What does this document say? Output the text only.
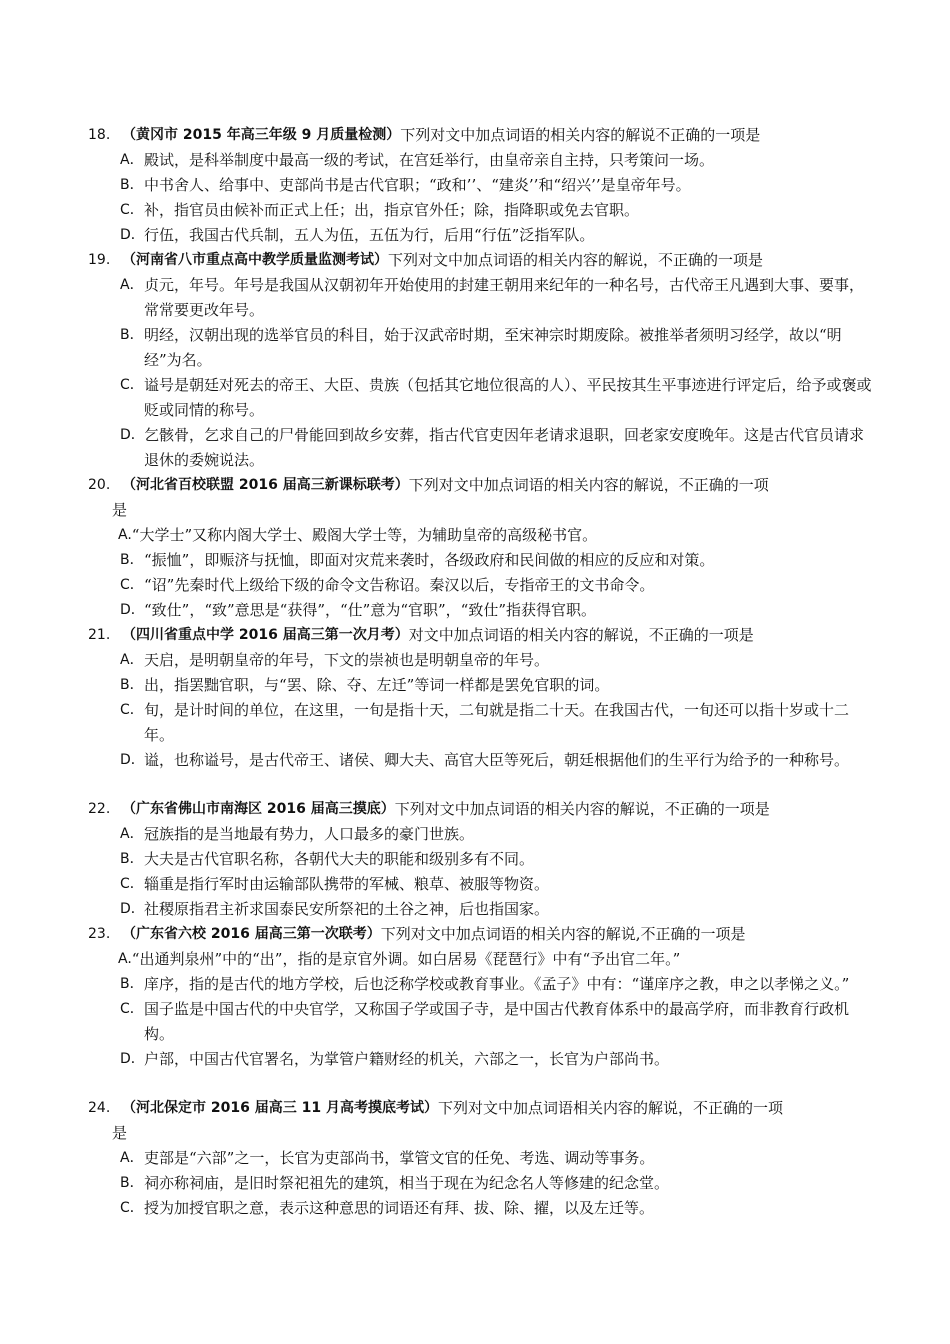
18. （黄冈市 2015 年高三年级 9 月质量检测） 下列对文中加点词语的相关内容的解说不正确的一项是
A． 殿试，是科举制度中最高一级的考试，在宫廷举行，由皇帝亲自主持，只考策问一场。
B． 中书舍人、给事中、吏部尚书是古代官职；“政和’’、“建炎’’和“绍兴’’是皇帝年号。
C． 补，指官员由候补而正式上任；出，指京官外任；除，指降职或免去官职。
D． 行伍，我国古代兵制，五人为伍，五伍为行，后用“行伍”泛指军队。
19. （河南省八市重点高中教学质量监测考试） 下列对文中加点词语的相关内容的解说，不正确的一项是
A． 贞元，年号。年号是我国从汉朝初年开始使用的封建王朝用来纪年的一种名号，古代帝王凡遇到大事、要事，常常要更改年号。
B． 明经，汉朝出现的选举官员的科目，始于汉武帝时期，至宋神宗时期废除。被推举者须明习经学，故以“明经”为名。
C． 谥号是朝廷对死去的帝王、大臣、贵族（包括其它地位很高的人）、平民按其生平事迹进行评定后，给予或褒或贬或同情的称号。
D． 乞骸骨，乞求自己的尸骨能回到故乡安葬，指古代官吏因年老请求退职，回老家安度晚年。这是古代官员请求退休的委婉说法。
20. （河北省百校联盟 2016 届高三新课标联考） 下列对文中加点词语的相关内容的解说，不正确的一项
是
A. “大学士”又称内阁大学士、殿阁大学士等，为辅助皇帝的高级秘书官。
B． “振恤”，即赈济与抚恤，即面对灾荒来袭时，各级政府和民间做的相应的反应和对策。
C． “诏”先秦时代上级给下级的命令文告称诏。秦汉以后，专指帝王的文书命令。
D． “致仕”，“致”意思是“获得”，“仕”意为“官职”，“致仕”指获得官职。
21. （四川省重点中学 2016 届高三第一次月考） 对文中加点词语的相关内容的解说，不正确的一项是
A． 天启，是明朝皇帝的年号，下文的崇祯也是明朝皇帝的年号。
B． 出，指罢黜官职，与“罢、除、夺、左迁”等词一样都是罢免官职的词。
C． 旬，是计时间的单位，在这里，一旬是指十天，二旬就是指二十天。在我国古代，一旬还可以指十岁或十二年。
D． 谥，也称谥号，是古代帝王、诸侯、卿大夫、高官大臣等死后，朝廷根据他们的生平行为给予的一种称号。
22. （广东省佛山市南海区 2016 届高三摸底） 下列对文中加点词语的相关内容的解说，不正确的一项是
A． 冠族指的是当地最有势力，人口最多的豪门世族。
B． 大夫是古代官职名称，各朝代大夫的职能和级别多有不同。
C． 辎重是指行军时由运输部队携带的军械、粮草、被服等物资。
D． 社稷原指君主祈求国泰民安所祭祀的土谷之神，后也指国家。
23. （广东省六校 2016 届高三第一次联考） 下列对文中加点词语的相关内容的解说,不正确的一项是
A. “出通判泉州”中的“出”，指的是京官外调。如白居易《琵琶行》中有“予出官二年。”
B． 庠序，指的是古代的地方学校，后也泛称学校或教育事业。《孟子》中有：“谨庠序之教，申之以孝悌之义。”
C． 国子监是中国古代的中央官学，又称国子学或国子寺，是中国古代教育体系中的最高学府，而非教育行政机构。
D． 户部，中国古代官署名，为掌管户籍财经的机关，六部之一，长官为户部尚书。
24. （河北保定市 2016 届高三 11 月高考摸底考试） 下列对文中加点词语相关内容的解说，不正确的一项
是
A． 吏部是“六部”之一，长官为吏部尚书，掌管文官的任免、考选、调动等事务。
B． 祠亦称祠庙，是旧时祭祀祖先的建筑，相当于现在为纪念名人等修建的纪念堂。
C． 授为加授官职之意，表示这种意思的词语还有拜、拔、除、擢，以及左迁等。
